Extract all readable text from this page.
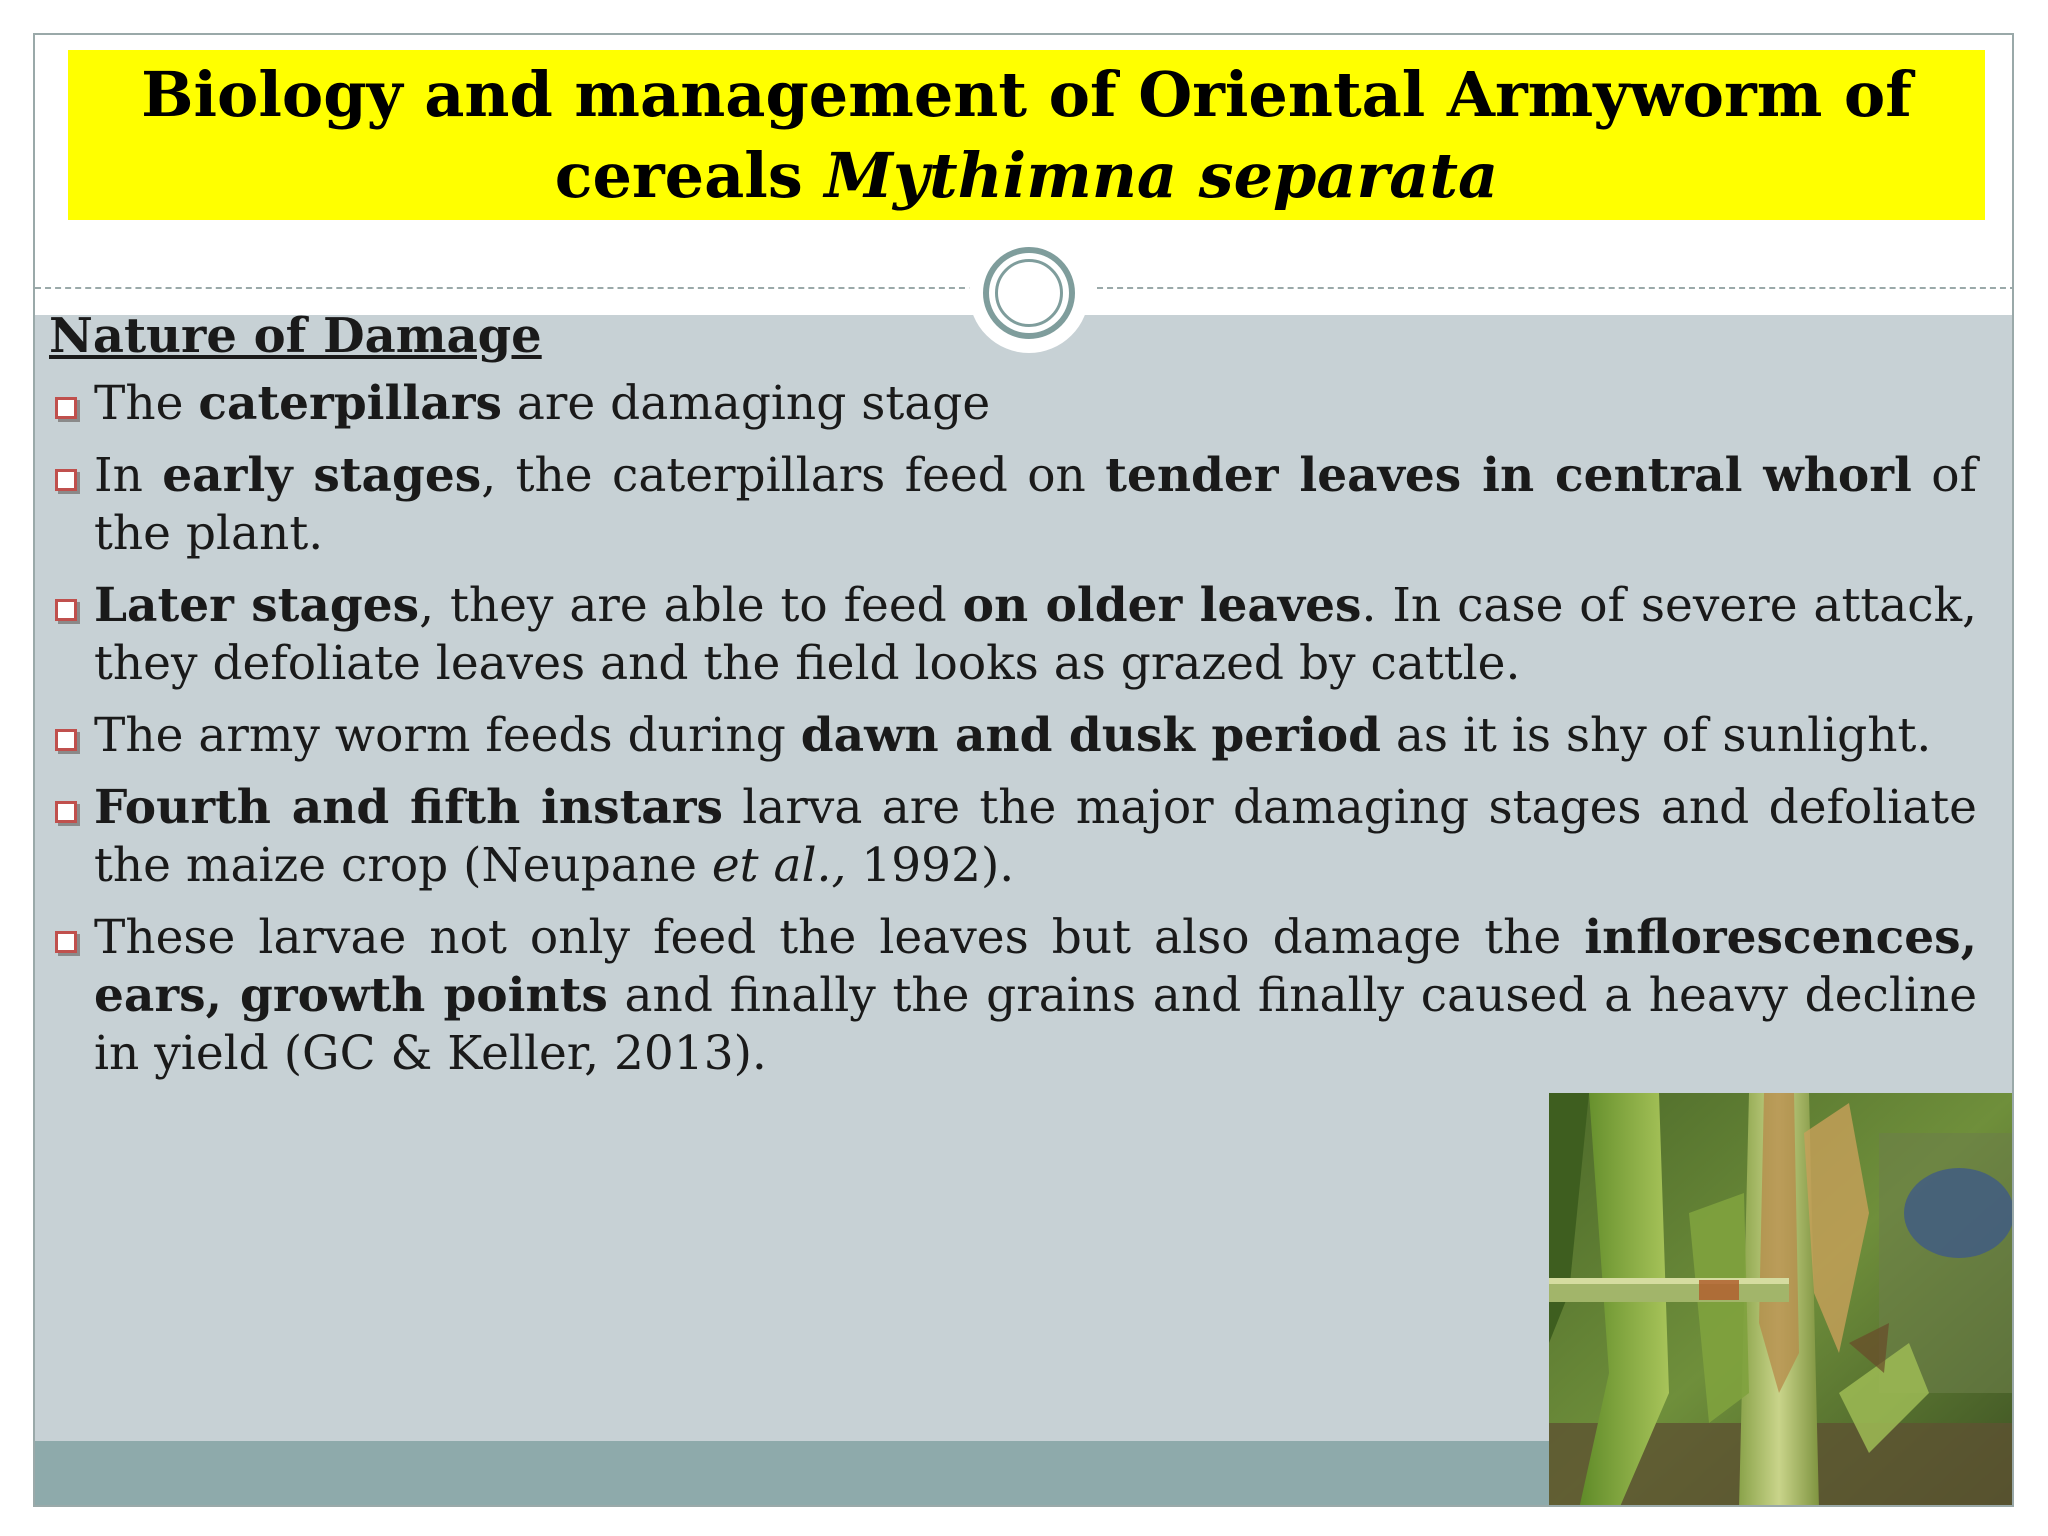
Biology and management of Oriental Armyworm of
cereals Mythimna separata
Nature of Damage
The caterpillars are damaging stage
In early stages, the caterpillars feed on tender leaves in central whorl of the plant.
Later stages, they are able to feed on older leaves. In case of severe attack, they defoliate leaves and the field looks as grazed by cattle.
The army worm feeds during dawn and dusk period as it is shy of sunlight.
Fourth and fifth instars larva are the major damaging stages and defoliate the maize crop (Neupane et al., 1992).
These larvae not only feed the leaves but also damage the inflorescences, ears, growth points and finally the grains and finally caused a heavy decline in yield (GC & Keller, 2013).
